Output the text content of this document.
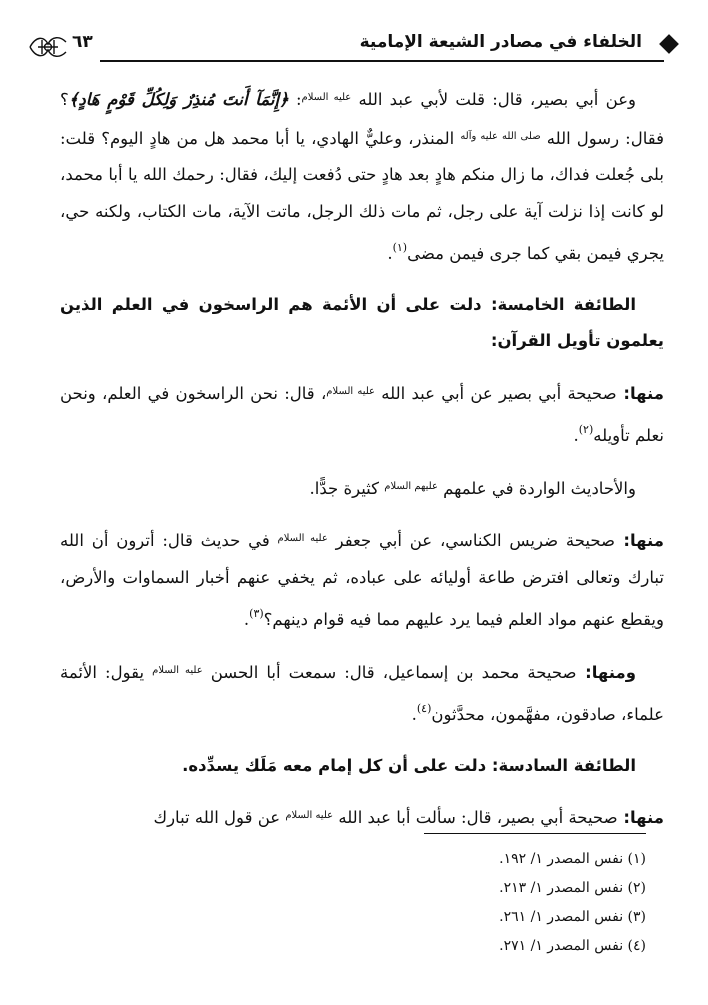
٦٣	الخلفاء في مصادر الشيعة الإمامية

وعن أبي بصير، قال: قلت لأبي عبد الله $^{عليه السلام}$: ﴿إِنَّمَآ أَنتَ مُنذِرٌ وَلِكُلِّ قَوْمٍ هَادٍ﴾؟ فقال: رسول الله $^{صلى الله عليه وآله}$ المنذر، وعليٌّ الهادي، يا أبا محمد هل من هادٍ اليوم؟ قلت: بلى جُعلت فداك، ما زال منكم هادٍ بعد هادٍ حتى دُفعت إليك، فقال: رحمك الله يا أبا محمد، لو كانت إذا نزلت آية على رجل، ثم مات ذلك الرجل، ماتت الآية، مات الكتاب، ولكنه حي، يجري فيمن بقي كما جرى فيمن مضى$^{(١)}$.

الطائفة الخامسة: دلت على أن الأئمة هم الراسخون في العلم الذين يعلمون تأويل القرآن:

منها: صحيحة أبي بصير عن أبي عبد الله $^{عليه السلام}$، قال: نحن الراسخون في العلم، ونحن نعلم تأويله$^{(٢)}$.

والأحاديث الواردة في علمهم $^{عليهم السلام}$ كثيرة جدًّا.

منها: صحيحة ضريس الكناسي، عن أبي جعفر $^{عليه السلام}$ في حديث قال: أترون أن الله تبارك وتعالى افترض طاعة أوليائه على عباده، ثم يخفي عنهم أخبار السماوات والأرض، ويقطع عنهم مواد العلم فيما يرد عليهم مما فيه قوام دينهم؟$^{(٣)}$.

ومنها: صحيحة محمد بن إسماعيل، قال: سمعت أبا الحسن $^{عليه السلام}$ يقول: الأئمة علماء، صادقون، مفهَّمون، محدَّثون$^{(٤)}$.

الطائفة السادسة: دلت على أن كل إمام معه مَلَك يسدِّده.

منها: صحيحة أبي بصير، قال: سألت أبا عبد الله $^{عليه السلام}$ عن قول الله تبارك

(١) نفس المصدر ١/ ١٩٢.

(٢) نفس المصدر ١/ ٢١٣.

(٣) نفس المصدر ١/ ٢٦١.

(٤) نفس المصدر ١/ ٢٧١.
